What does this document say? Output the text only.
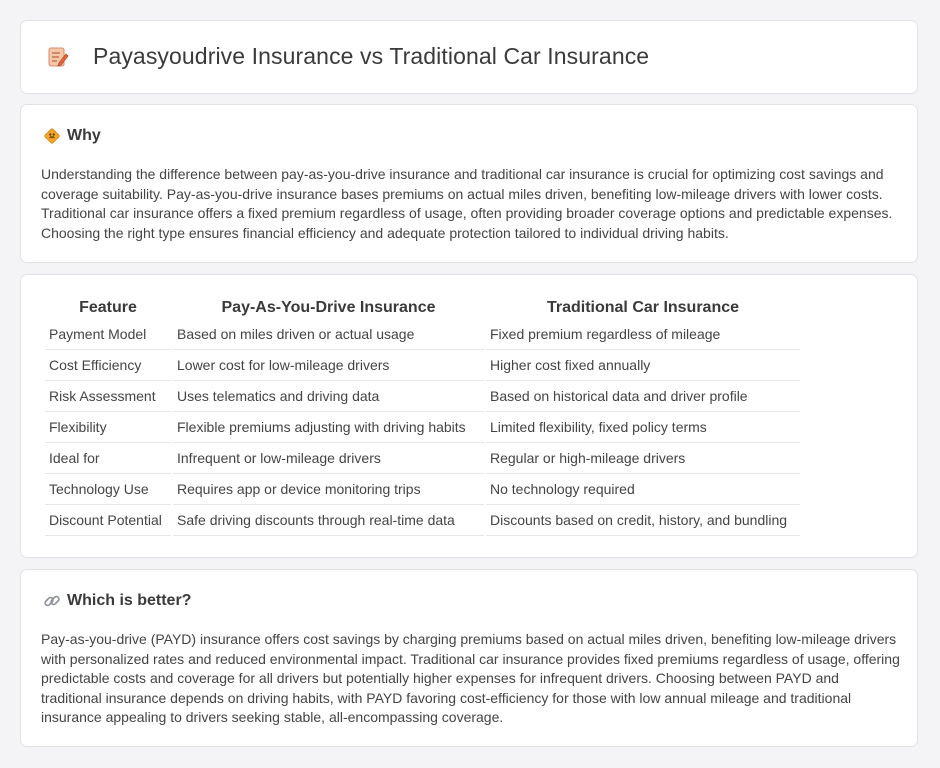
Payasyoudrive Insurance vs Traditional Car Insurance
Why

Understanding the difference between pay-as-you-drive insurance and traditional car insurance is crucial for optimizing cost savings and coverage suitability. Pay-as-you-drive insurance bases premiums on actual miles driven, benefiting low-mileage drivers with lower costs. Traditional car insurance offers a fixed premium regardless of usage, often providing broader coverage options and predictable expenses. Choosing the right type ensures financial efficiency and adequate protection tailored to individual driving habits.

Feature	Pay-As-You-Drive Insurance	Traditional Car Insurance
Payment Model	Based on miles driven or actual usage	Fixed premium regardless of mileage
Cost Efficiency	Lower cost for low-mileage drivers	Higher cost fixed annually
Risk Assessment	Uses telematics and driving data	Based on historical data and driver profile
Flexibility	Flexible premiums adjusting with driving habits	Limited flexibility, fixed policy terms
Ideal for	Infrequent or low-mileage drivers	Regular or high-mileage drivers
Technology Use	Requires app or device monitoring trips	No technology required
Discount Potential	Safe driving discounts through real-time data	Discounts based on credit, history, and bundling
Which is better?

Pay-as-you-drive (PAYD) insurance offers cost savings by charging premiums based on actual miles driven, benefiting low-mileage drivers with personalized rates and reduced environmental impact. Traditional car insurance provides fixed premiums regardless of usage, offering predictable costs and coverage for all drivers but potentially higher expenses for infrequent drivers. Choosing between PAYD and traditional insurance depends on driving habits, with PAYD favoring cost-efficiency for those with low annual mileage and traditional insurance appealing to drivers seeking stable, all-encompassing coverage.
